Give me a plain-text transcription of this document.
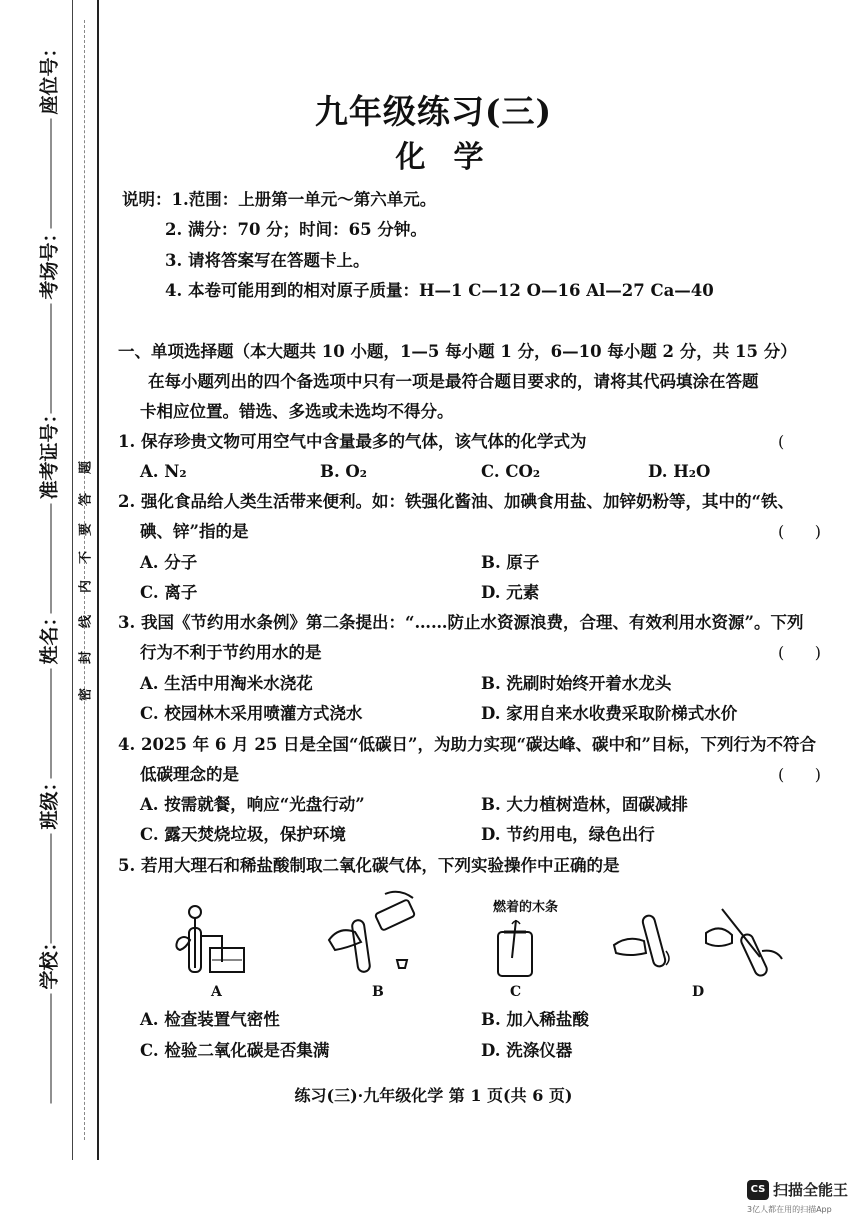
座位号：
考场号：
准考证号：
姓名：
班级：
学校：
密
封
线
内
不
要
答
题
九年级练习(三)
化学
说明：1.范围：上册第一单元～第六单元。
2. 满分：70 分；时间：65 分钟。
3. 请将答案写在答题卡上。
4. 本卷可能用到的相对原子质量：H—1 C—12 O—16 Al—27 Ca—40
一、单项选择题（本大题共 10 小题，1—5 每小题 1 分，6—10 每小题 2 分，共 15 分）
在每小题列出的四个备选项中只有一项是最符合题目要求的，请将其代码填涂在答题
卡相应位置。错选、多选或未选均不得分。
1. 保存珍贵文物可用空气中含量最多的气体，该气体的化学式为	(
A. N₂	B. O₂	C. CO₂	D. H₂O
2. 强化食品给人类生活带来便利。如：铁强化酱油、加碘食用盐、加锌奶粉等，其中的“铁、
碘、锌”指的是	(      )
A. 分子	B. 原子
C. 离子	D. 元素
3. 我国《节约用水条例》第二条提出：“……防止水资源浪费，合理、有效利用水资源”。下列
行为不利于节约用水的是	(      )
A. 生活中用淘米水浇花	B. 洗刷时始终开着水龙头
C. 校园林木采用喷灌方式浇水	D. 家用自来水收费采取阶梯式水价
4. 2025 年 6 月 25 日是全国“低碳日”，为助力实现“碳达峰、碳中和”目标，下列行为不符合
低碳理念的是	(      )
A. 按需就餐，响应“光盘行动”	B. 大力植树造林，固碳减排
C. 露天焚烧垃圾，保护环境	D. 节约用电，绿色出行
5. 若用大理石和稀盐酸制取二氧化碳气体，下列实验操作中正确的是
A	B
燃着的木条
C	D
A. 检查装置气密性	B. 加入稀盐酸
C. 检验二氧化碳是否集满	D. 洗涤仪器
练习(三)·九年级化学 第 1 页(共 6 页)
CS 扫描全能王
3亿人都在用的扫描App
